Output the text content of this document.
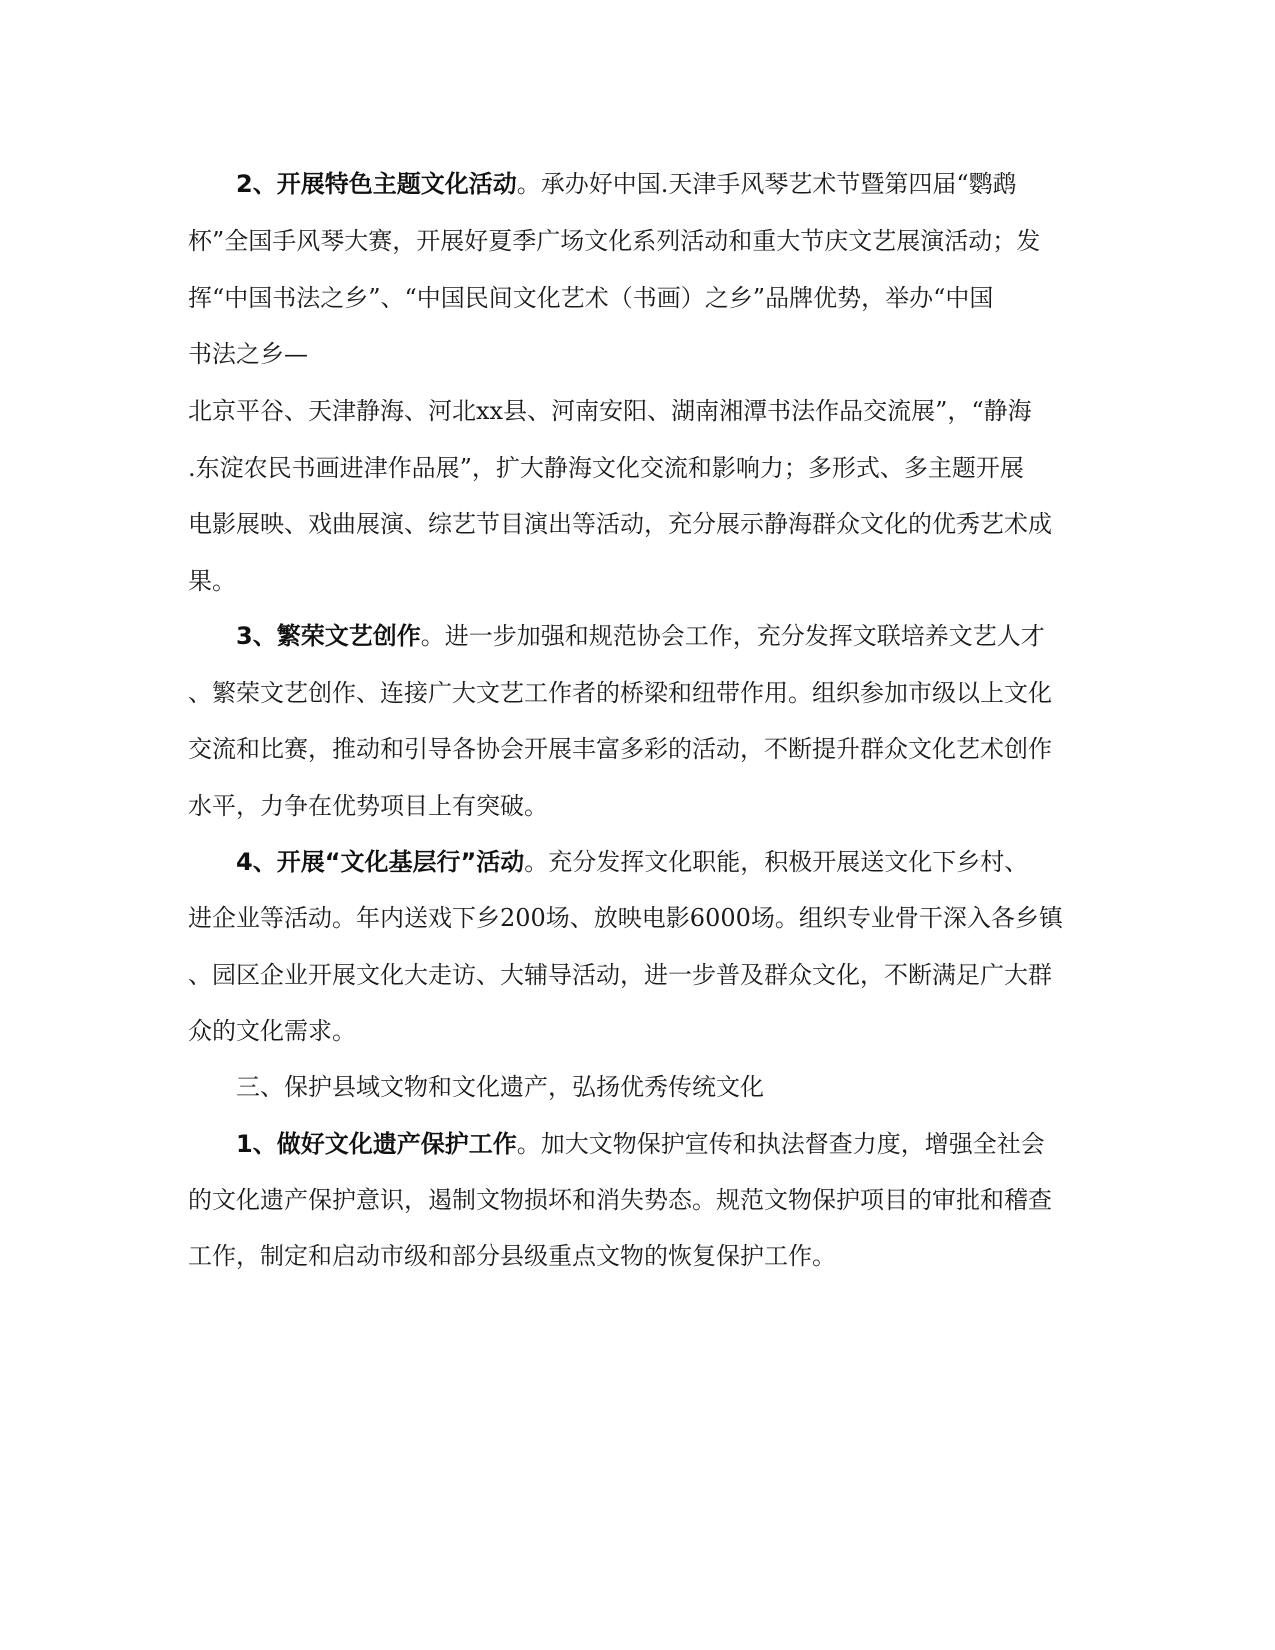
2、开展特色主题文化活动。承办好中国.天津手风琴艺术节暨第四届“鹦鹉
杯”全国手风琴大赛，开展好夏季广场文化系列活动和重大节庆文艺展演活动；发
挥“中国书法之乡”、“中国民间文化艺术（书画）之乡”品牌优势，举办“中国
书法之乡—
北京平谷、天津静海、河北xx县、河南安阳、湖南湘潭书法作品交流展”，“静海
.东淀农民书画进津作品展”，扩大静海文化交流和影响力；多形式、多主题开展
电影展映、戏曲展演、综艺节目演出等活动，充分展示静海群众文化的优秀艺术成
果。
3、繁荣文艺创作。进一步加强和规范协会工作，充分发挥文联培养文艺人才
、繁荣文艺创作、连接广大文艺工作者的桥梁和纽带作用。组织参加市级以上文化
交流和比赛，推动和引导各协会开展丰富多彩的活动，不断提升群众文化艺术创作
水平，力争在优势项目上有突破。
4、开展“文化基层行”活动。充分发挥文化职能，积极开展送文化下乡村、
进企业等活动。年内送戏下乡200场、放映电影6000场。组织专业骨干深入各乡镇
、园区企业开展文化大走访、大辅导活动，进一步普及群众文化，不断满足广大群
众的文化需求。
三、保护县域文物和文化遗产，弘扬优秀传统文化
1、做好文化遗产保护工作。加大文物保护宣传和执法督查力度，增强全社会
的文化遗产保护意识，遏制文物损坏和消失势态。规范文物保护项目的审批和稽查
工作，制定和启动市级和部分县级重点文物的恢复保护工作。
